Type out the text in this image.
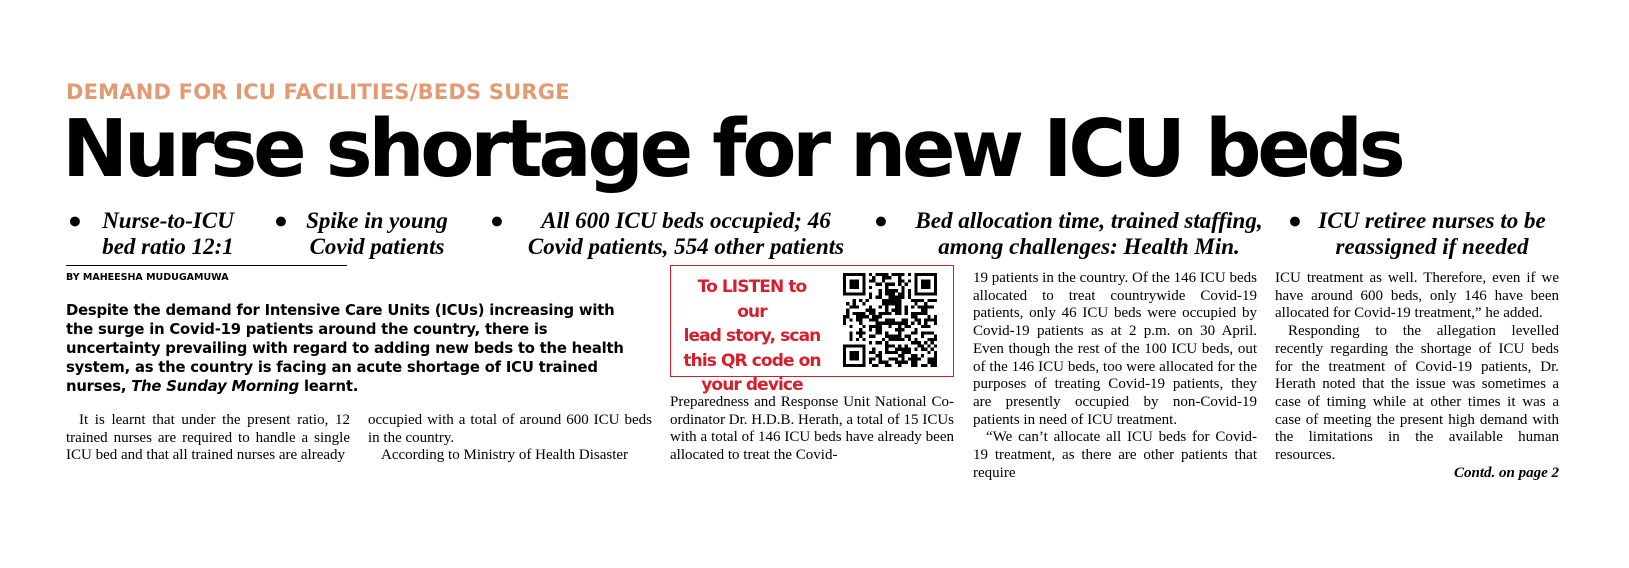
DEMAND FOR ICU FACILITIES/BEDS SURGE
Nurse shortage for new ICU beds
● Nurse-to-ICU
bed ratio 12:1
● Spike in young
Covid patients
●	All 600 ICU beds occupied; 46
Covid patients, 554 other patients
●	Bed allocation time, trained staffing,
among challenges: Health Min.
● ICU retiree nurses to be
reassigned if needed
BY MAHEESHA MUDUGAMUWA
Despite the demand for Intensive Care Units (ICUs) increasing with the surge in Covid-19 patients around the country, there is uncertainty prevailing with regard to adding new beds to the health system, as the country is facing an acute shortage of ICU trained nurses, The Sunday Morning learnt.

It is learnt that under the present ratio, 12 trained nurses are required to handle a single ICU bed and that all trained nurses are already

occupied with a total of around 600 ICU beds in the country.

According to Ministry of Health Disaster

To LISTEN to our
lead story, scan
this QR code on
your device

Preparedness and Response Unit National Co-ordinator Dr. H.D.B. Herath, a total of 15 ICUs with a total of 146 ICU beds have already been allocated to treat the Covid-

19 patients in the country. Of the 146 ICU beds allocated to treat countrywide Covid-19 patients, only 46 ICU beds were occupied by Covid-19 patients as at 2 p.m. on 30 April. Even though the rest of the 100 ICU beds, out of the 146 ICU beds, too were allocated for the purposes of treating Covid-19 patients, they are presently occupied by non-Covid-19 patients in need of ICU treatment.

“We can’t allocate all ICU beds for Covid-19 treatment, as there are other patients that require

ICU treatment as well. Therefore, even if we have around 600 beds, only 146 have been allocated for Covid-19 treatment,” he added.

Responding to the allegation levelled recently regarding the shortage of ICU beds for the treatment of Covid-19 patients, Dr. Herath noted that the issue was sometimes a case of timing while at other times it was a case of meeting the present high demand with the limitations in the available human resources.

Contd. on page 2
